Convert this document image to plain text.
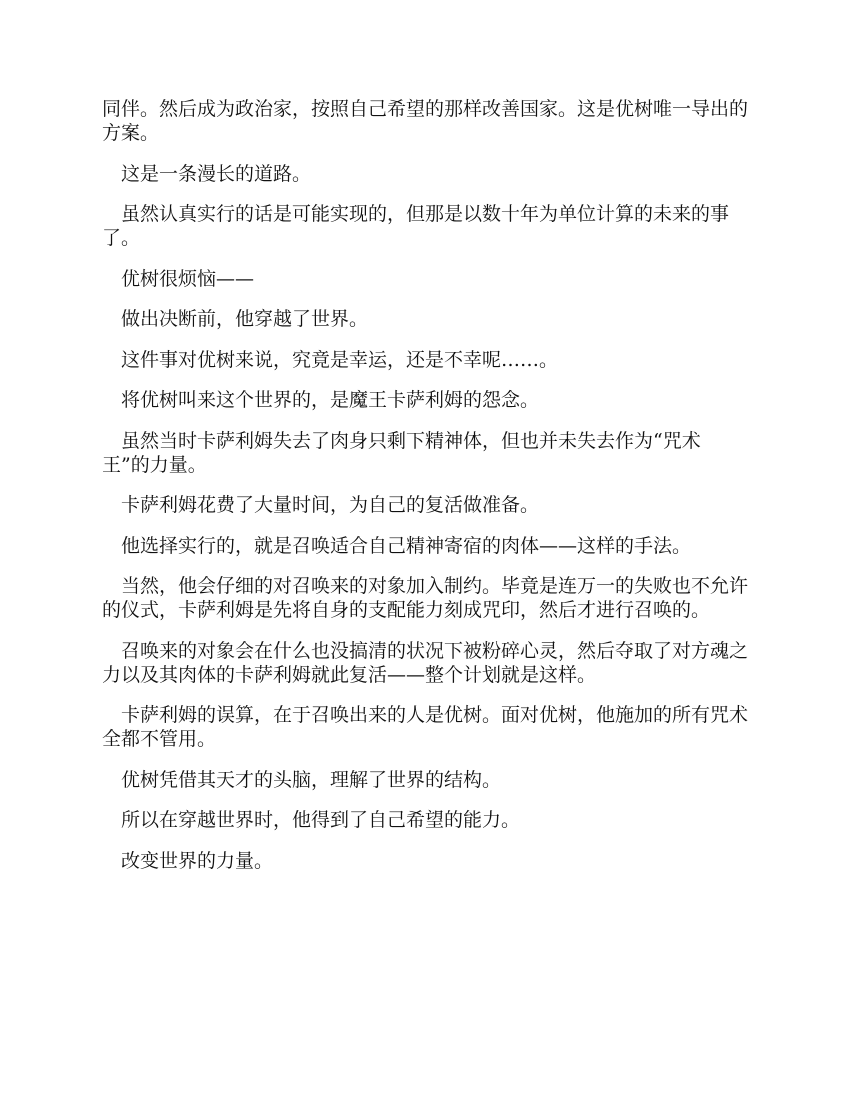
同伴。然后成为政治家，按照自己希望的那样改善国家。这是优树唯一导出的方案。

这是一条漫长的道路。

虽然认真实行的话是可能实现的，但那是以数十年为单位计算的未来的事了。

优树很烦恼——

做出决断前，他穿越了世界。

这件事对优树来说，究竟是幸运，还是不幸呢……。

将优树叫来这个世界的，是魔王卡萨利姆的怨念。

虽然当时卡萨利姆失去了肉身只剩下精神体，但也并未失去作为“咒术王”的力量。

卡萨利姆花费了大量时间，为自己的复活做准备。

他选择实行的，就是召唤适合自己精神寄宿的肉体——这样的手法。

当然，他会仔细的对召唤来的对象加入制约。毕竟是连万一的失败也不允许的仪式，卡萨利姆是先将自身的支配能力刻成咒印，然后才进行召唤的。

召唤来的对象会在什么也没搞清的状况下被粉碎心灵，然后夺取了对方魂之力以及其肉体的卡萨利姆就此复活——整个计划就是这样。

卡萨利姆的误算，在于召唤出来的人是优树。面对优树，他施加的所有咒术全都不管用。

优树凭借其天才的头脑，理解了世界的结构。

所以在穿越世界时，他得到了自己希望的能力。

改变世界的力量。
